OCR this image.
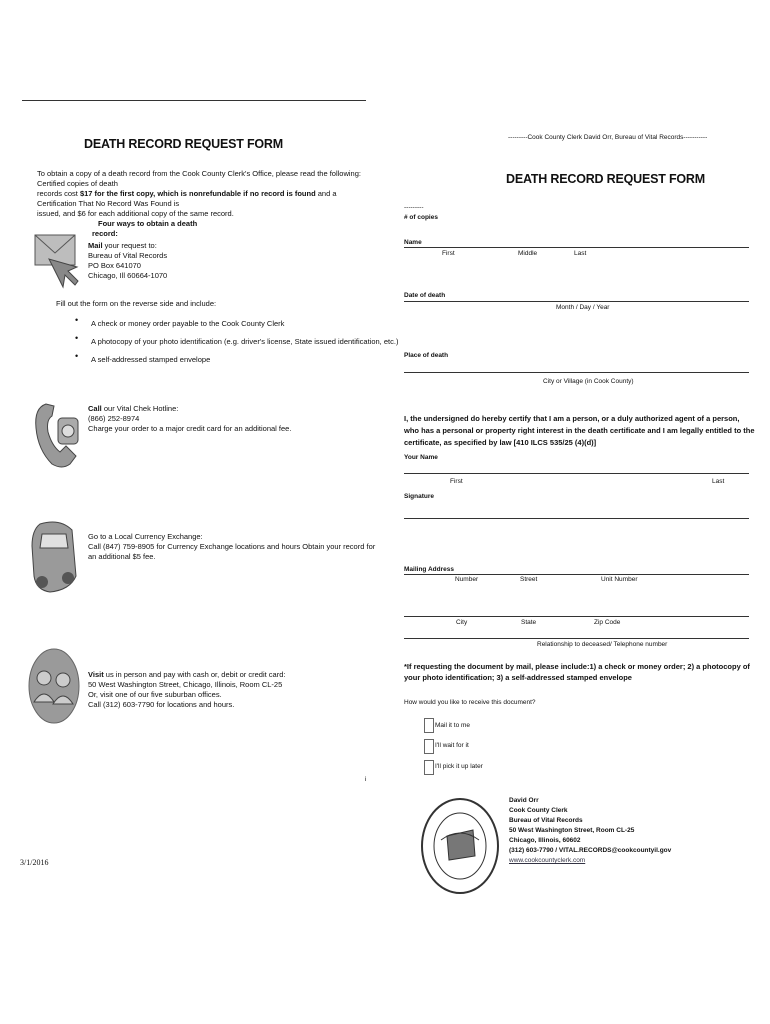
DEATH RECORD REQUEST FORM
To obtain a copy of a death record from the Cook County Clerk's Office, please read the following: Certified copies of death
records cost $17 for the first copy, which is nonrefundable if no record is found and a Certification That No Record Was Found is
issued, and $6 for each additional copy of the same record.
Four ways to obtain a death
record:
Mail your request to:
Bureau of Vital Records
PO Box 641070
Chicago, Ill 60664-1070
Fill out the form on the reverse side and include:
• A check or money order payable to the Cook County Clerk
• A photocopy of your photo identification (e.g. driver's license, State issued identification, etc.)
• A self-addressed stamped envelope
Call our Vital Chek Hotline:
(866) 252-8974
Charge your order to a major credit card for an additional fee.
Go to a Local Currency Exchange:
Call (847) 759-8905 for Currency Exchange locations and hours Obtain your record for
an additional $5 fee.
Visit us in person and pay with cash or, debit or credit card:
50 West Washington Street, Chicago, Illinois, Room CL-25
Or, visit one of our five suburban offices.
Call (312) 603-7790 for locations and hours.
3/1/2016
i
---------Cook County Clerk David Orr, Bureau of Vital Records-----------
DEATH RECORD REQUEST FORM
---------
# of copies
Name
First	Middle	Last
Date of death
Month / Day / Year
Place of death
City or Village (in Cook County)
I, the undersigned do hereby certify that I am a person, or a duly authorized agent of a person, who has a personal or property right interest in the death certificate and I am legally entitled to the certificate, as specified by law [410 ILCS 535/25 (4)(d)]
Your Name
First	Last
Signature
Mailing Address
Number	Street	Unit Number
City	State	Zip Code
Relationship to deceased/ Telephone number
*If requesting the document by mail, please include:1) a check or money order; 2) a photocopy of your photo identification; 3) a self-addressed stamped envelope
How would you like to receive this document?
Mail it to me
I'll wait for it
I'll pick it up later
David Orr
Cook County Clerk
Bureau of Vital Records
50 West Washington Street, Room CL-25
Chicago, Illinois, 60602
(312) 603-7790 / VITAL.RECORDS@cookcountyil.gov
www.cookcountyclerk.com
